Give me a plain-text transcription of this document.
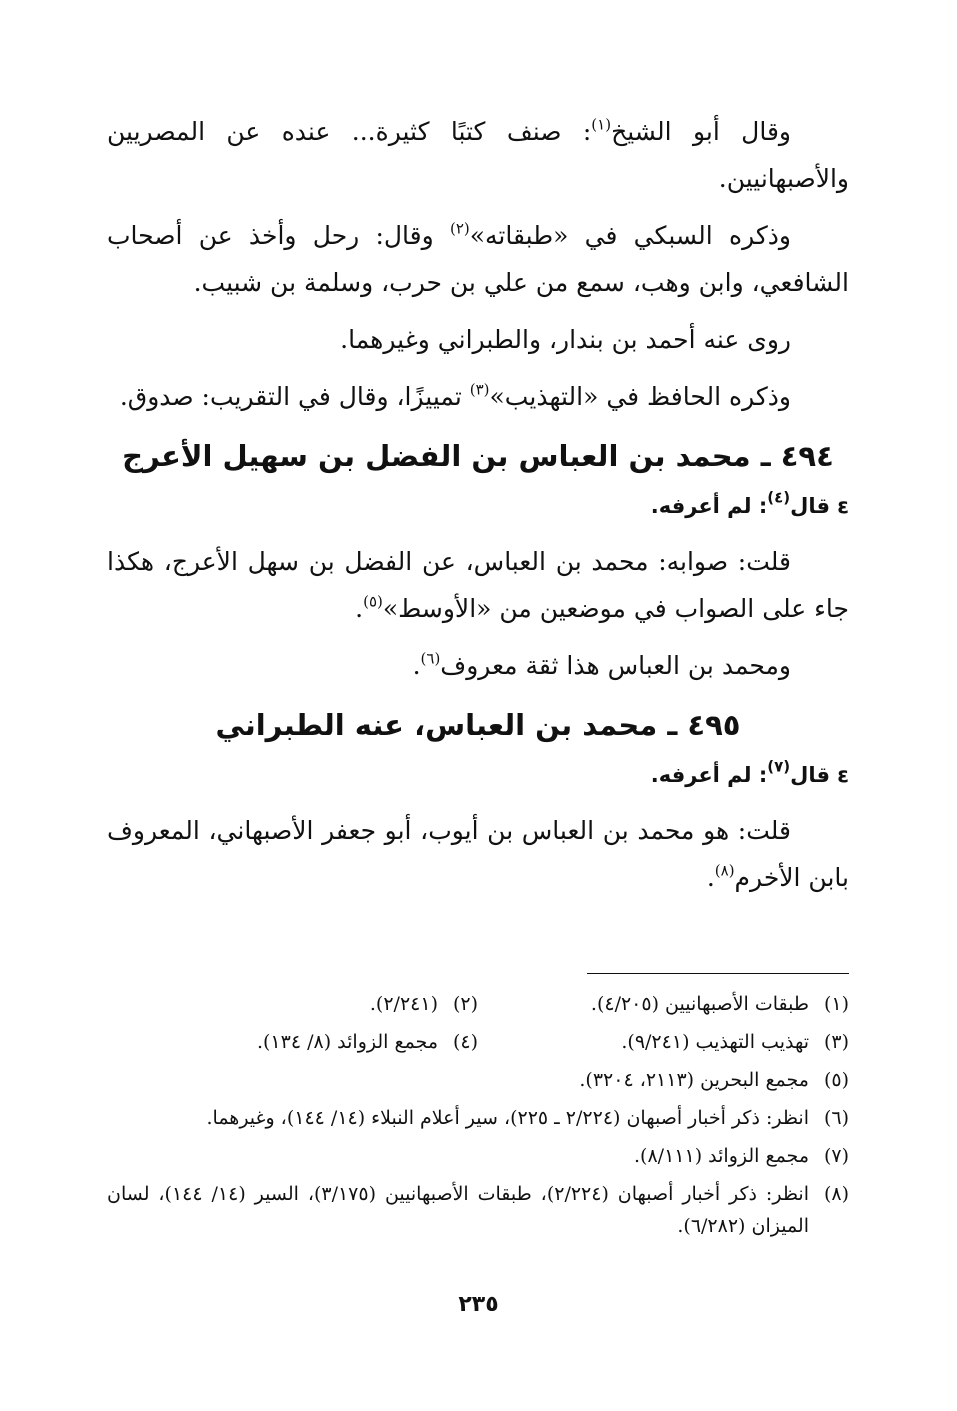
وقال أبو الشيخ$^{(١)}$: صنف كتبًا كثيرة... عنده عن المصريين والأصبهانيين.

وذكره السبكي في «طبقاته»$^{(٢)}$ وقال: رحل وأخذ عن أصحاب الشافعي، وابن وهب، سمع من علي بن حرب، وسلمة بن شبيب.

روى عنه أحمد بن بندار، والطبراني وغيرهما.

وذكره الحافظ في «التهذيب»$^{(٣)}$ تمييزًا، وقال في التقريب: صدوق.

٤٩٤ ـ محمد بن العباس بن الفضل بن سهيل الأعرج
ε قال$^{(٤)}$: لم أعرفه.

قلت: صوابه: محمد بن العباس، عن الفضل بن سهل الأعرج، هكذا جاء على الصواب في موضعين من «الأوسط»$^{(٥)}$.

ومحمد بن العباس هذا ثقة معروف$^{(٦)}$.

٤٩٥ ـ محمد بن العباس، عنه الطبراني
ε قال$^{(٧)}$: لم أعرفه.

قلت: هو محمد بن العباس بن أيوب، أبو جعفر الأصبهاني، المعروف بابن الأخرم$^{(٨)}$.

(١)
طبقات الأصبهانيين (٤/٢٠٥).
(٢)
(٢/٢٤١).
(٣)
تهذيب التهذيب (٩/٢٤١).
(٤)
مجمع الزوائد (٨/ ١٣٤).
(٥)
مجمع البحرين (٢١١٣، ٣٢٠٤).
(٦)
انظر: ذكر أخبار أصبهان (٢/٢٢٤ ـ ٢٢٥)، سير أعلام النبلاء (١٤/ ١٤٤)، وغيرهما.
(٧)
مجمع الزوائد (٨/١١١).
(٨)
انظر: ذكر أخبار أصبهان (٢/٢٢٤)، طبقات الأصبهانيين (٣/١٧٥)، السير (١٤/ ١٤٤)، لسان الميزان (٦/٢٨٢).
٢٣٥
